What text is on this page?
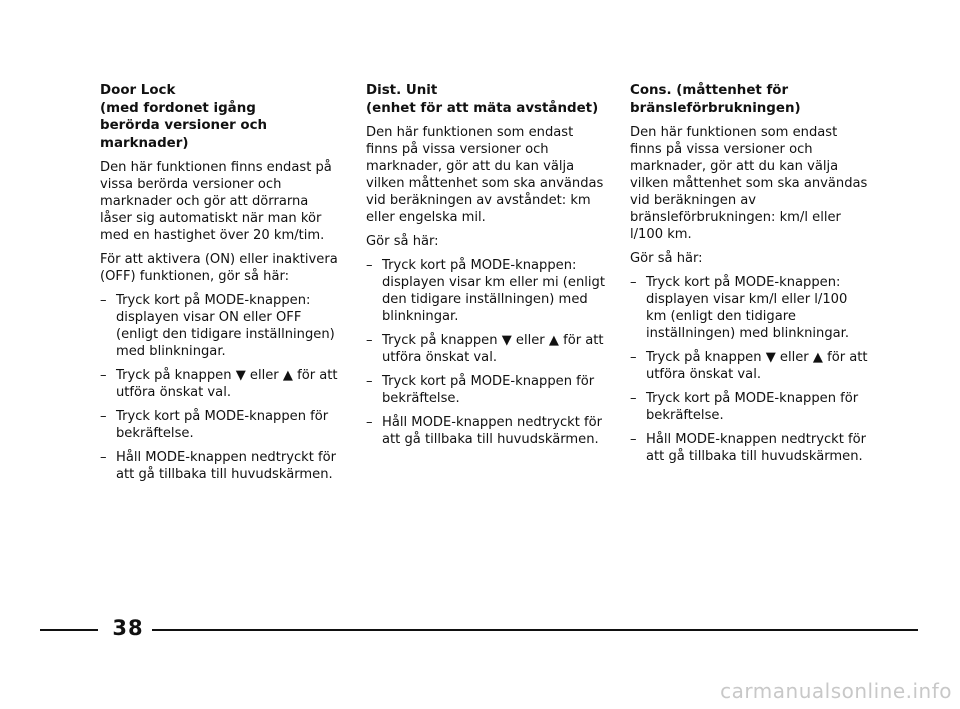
Door Lock
(med fordonet igång
berörda versioner och
marknader)

Den här funktionen finns endast på vissa berörda versioner och marknader och gör att dörrarna låser sig automatiskt när man kör med en hastighet över 20 km/tim.

För att aktivera (ON) eller inaktivera (OFF) funktionen, gör så här:

– Tryck kort på MODE-knappen: displayen visar ON eller OFF (enligt den tidigare inställningen) med blinkningar.
– Tryck på knappen ▼ eller ▲ för att utföra önskat val.
– Tryck kort på MODE-knappen för bekräftelse.
– Håll MODE-knappen nedtryckt för att gå tillbaka till huvudskärmen.
Dist. Unit
(enhet för att mäta avståndet)

Den här funktionen som endast finns på vissa versioner och marknader, gör att du kan välja vilken måttenhet som ska användas vid beräkningen av avståndet: km eller engelska mil.

Gör så här:

– Tryck kort på MODE-knappen: displayen visar km eller mi (enligt den tidigare inställningen) med blinkningar.
– Tryck på knappen ▼ eller ▲ för att utföra önskat val.
– Tryck kort på MODE-knappen för bekräftelse.
– Håll MODE-knappen nedtryckt för att gå tillbaka till huvudskärmen.
Cons. (måttenhet för
bränsleförbrukningen)

Den här funktionen som endast finns på vissa versioner och marknader, gör att du kan välja vilken måttenhet som ska användas vid beräkningen av bränsleförbrukningen: km/l eller l/100 km.

Gör så här:

– Tryck kort på MODE-knappen: displayen visar km/l eller l/100 km (enligt den tidigare inställningen) med blinkningar.
– Tryck på knappen ▼ eller ▲ för att utföra önskat val.
– Tryck kort på MODE-knappen för bekräftelse.
– Håll MODE-knappen nedtryckt för att gå tillbaka till huvudskärmen.
38
carmanualsonline.info
